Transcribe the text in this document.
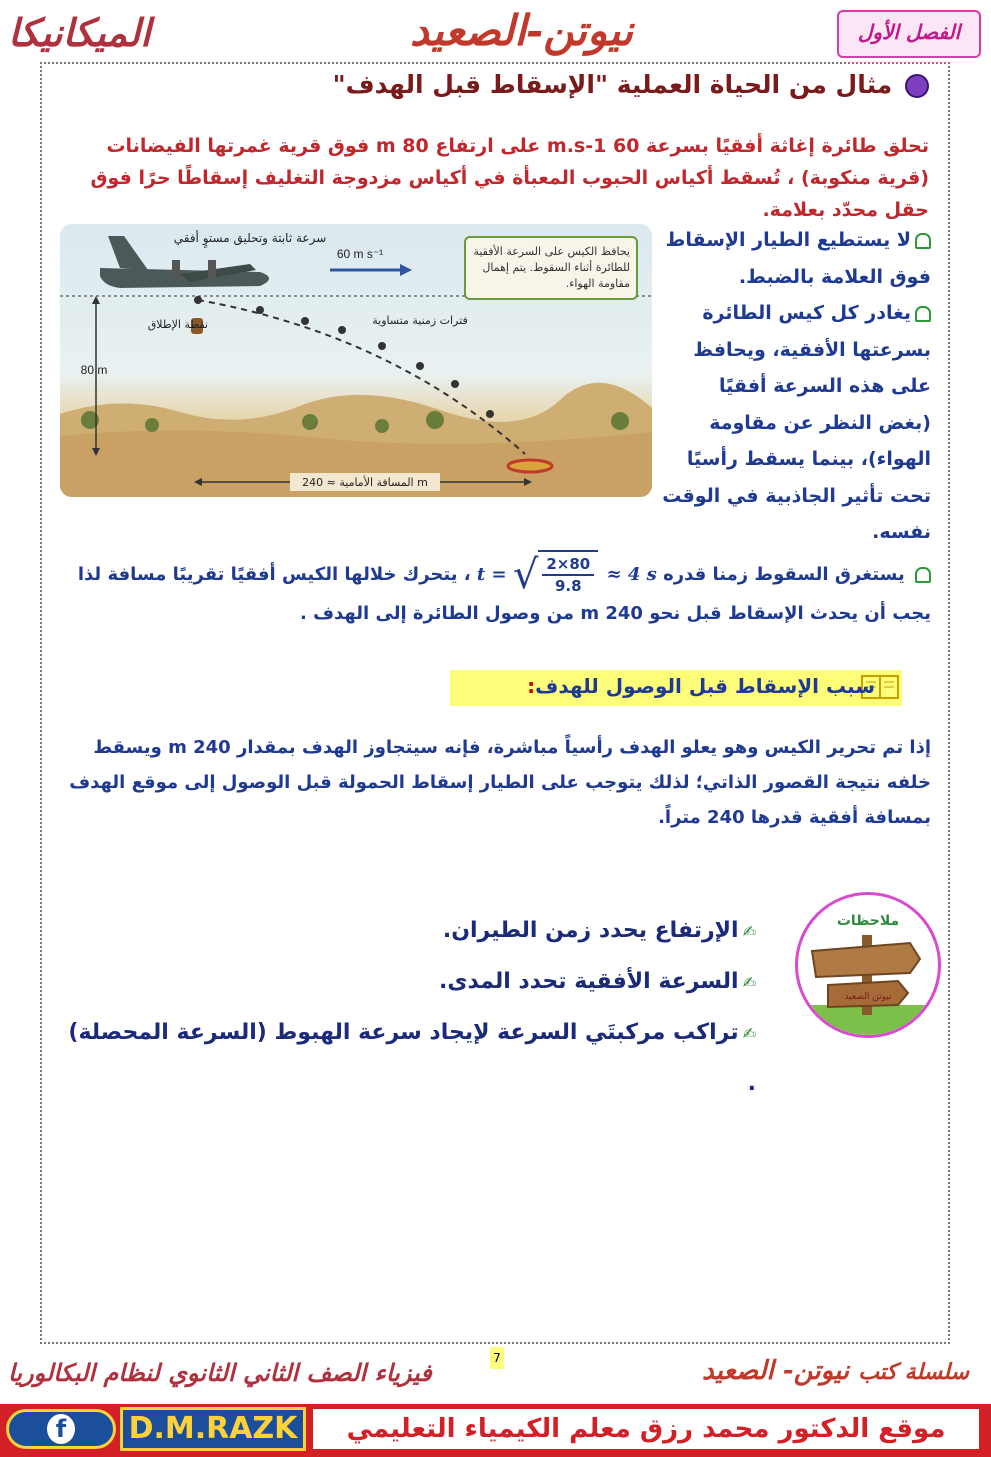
الميكانيكا	نيوتن-الصعيد	الفصل الأول
مثال من الحياة العملية "الإسقاط قبل الهدف"
تحلق طائرة إغاثة أفقيًا بسرعة 60 m.s-1 على ارتفاع 80 m فوق قرية غمرتها الفيضانات (قرية منكوبة) ، تُسقط أكياس الحبوب المعبأة في أكياس مزدوجة التغليف إسقاطًا حرًا فوق حقل محدّد بعلامة.
60 m s⁻¹
سرعة ثابتة وتحليق مستوٍ أفقي
نقطة الإطلاق	فترات زمنية متساوية
80 m
المسافة الأمامية ≈ 240 m
يحافظ الكيس على السرعة الأفقية للطائرة أثناء السقوط. يتم إهمال مقاومة الهواء.
لا يستطيع الطيار الإسقاط فوق العلامة بالضبط.
يغادر كل كيس الطائرة بسرعتها الأفقية، ويحافظ على هذه السرعة أفقيًا (بغض النظر عن مقاومة الهواء)، بينما يسقط رأسيًا تحت تأثير الجاذبية في الوقت نفسه.
يستغرق السقوط زمنا قدره t = √ $\frac{2\times 80}{9.8} \approx 4$ s ، يتحرك خلالها الكيس أفقيًا تقريبًا مسافة لذا
يجب أن يحدث الإسقاط قبل نحو 240 m من وصول الطائرة إلى الهدف .
سبب الإسقاط قبل الوصول للهدف:
إذا تم تحرير الكيس وهو يعلو الهدف رأسياً مباشرة، فإنه سيتجاوز الهدف بمقدار 240 m ويسقط خلفه نتيجة القصور الذاتي؛ لذلك يتوجب على الطيار إسقاط الحمولة قبل الوصول إلى موقع الهدف بمسافة أفقية قدرها 240 متراً.
ملاحظات
نيوتن الصعيد
✍الإرتفاع يحدد زمن الطيران.
✍السرعة الأفقية تحدد المدى.
✍تراكب مركبتَي السرعة لإيجاد سرعة الهبوط (السرعة المحصلة) .
7
فيزياء الصف الثاني الثانوي لنظام البكالوريا	سلسلة كتب نيوتن- الصعيد
f D.M.RAZK	موقع الدكتور محمد رزق معلم الكيمياء التعليمي
